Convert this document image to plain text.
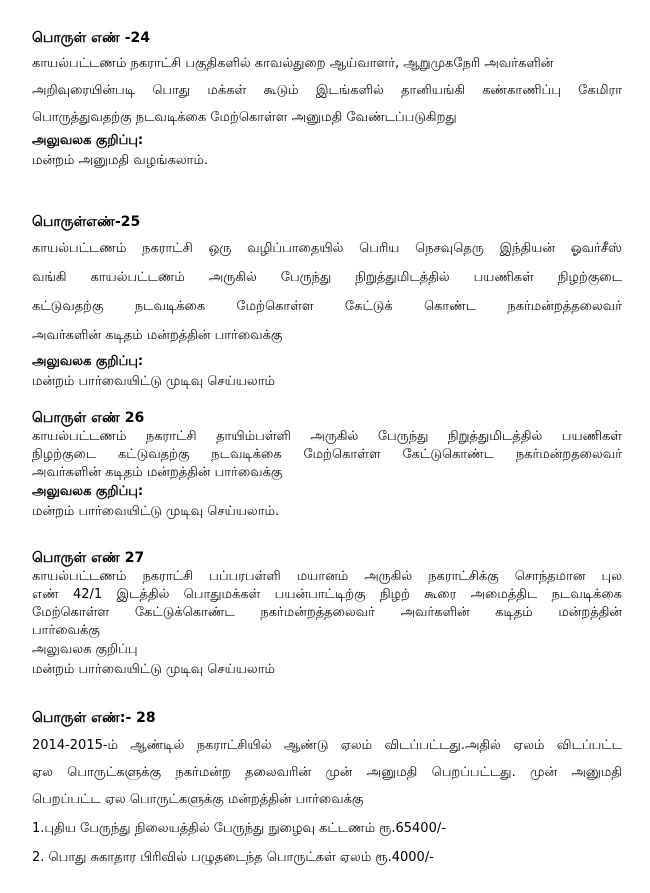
பொருள் எண் -24
காயல்பட்டணம் நகராட்சி பகுதிகளில் காவல்துறை ஆய்வாளர், ஆறுமுகநேரி அவர்களின்
அறிவுரையின்படி பொது மக்கள் கூடும் இடங்களில் தானியங்கி கண்காணிப்பு கேமிரா
பொருத்துவதற்கு நடவடிக்கை மேற்கொள்ள அனுமதி வேண்டப்படுகிறது
அலுவலக குறிப்பு:
மன்றம் அனுமதி வழங்கலாம்.
பொருள்எண்-25
காயல்பட்டணம் நகராட்சி ஒரு வழிப்பாதையில் பெரிய நெசவுதெரு இந்தியன் ஓவர்சீஸ்
வங்கி காயல்பட்டணம் அருகில் பேருந்து நிறுத்துமிடத்தில் பயணிகள் நிழற்குடை
கட்டுவதற்கு நடவடிக்கை மேற்கொள்ள கேட்டுக் கொண்ட நகர்மன்றத்தலைவர்
அவர்களின் கடிதம் மன்றத்தின் பார்வைக்கு
அலுவலக குறிப்பு:
மன்றம் பார்வையிட்டு முடிவு செய்யலாம்
பொருள் எண் 26
காயல்பட்டணம் நகராட்சி தாயிம்பள்ளி அருகில் பேருந்து நிறுத்துமிடத்தில் பயணிகள்
நிழற்குடை கட்டுவதற்கு நடவடிக்கை மேற்கொள்ள கேட்டுகொண்ட நகர்மன்றதலைவர்
அவர்களின் கடிதம் மன்றத்தின் பார்வைக்கு
அலுவலக குறிப்பு:
மன்றம் பார்வையிட்டு முடிவு செய்யலாம்.
பொருள் எண் 27
காயல்பட்டணம் நகராட்சி பப்பரபள்ளி மயானம் அருகில் நகராட்சிக்கு சொந்தமான புல
எண் 42/1 இடத்தில் பொதுமக்கள் பயன்பாட்டிற்கு நிழற் கூரை அமைத்திட நடவடிக்கை
மேற்கொள்ள கேட்டுக்கொண்ட நகர்மன்றத்தலைவர் அவர்களின் கடிதம் மன்றத்தின்
பார்வைக்கு
அலுவலக குறிப்பு
மன்றம் பார்வையிட்டு முடிவு செய்யலாம்
பொருள் எண்:- 28
2014-2015-ம் ஆண்டில் நகராட்சியில் ஆண்டு ஏலம் விடப்பட்டது.அதில் ஏலம் விடப்பட்ட
ஏல பொருட்களுக்கு நகர்மன்ற தலைவரின் முன் அனுமதி பெறப்பட்டது. முன் அனுமதி
பெறப்பட்ட ஏல பொருட்களுக்கு மன்றத்தின் பார்வைக்கு
1.புதிய பேருந்து நிலையத்தில் பேருந்து நுழைவு கட்டணம் ரூ.65400/-
2. பொது சுகாதார பிரிவில் பழுதடைந்த பொருட்கள் ஏலம் ரூ.4000/-
